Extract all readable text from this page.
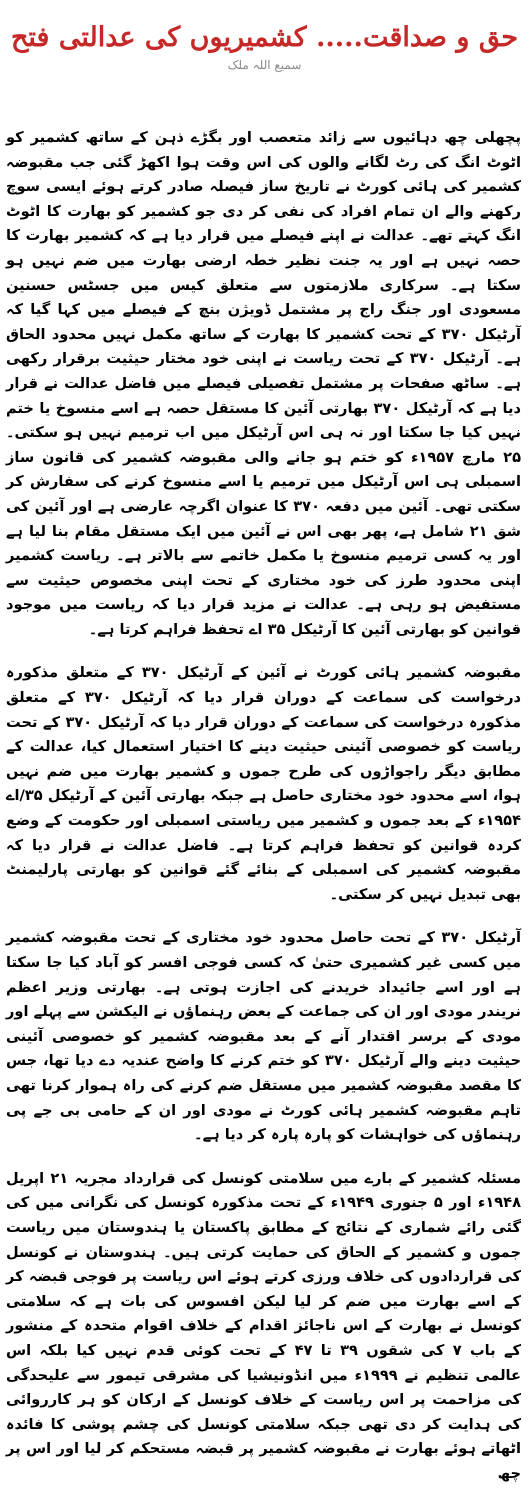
حق و صداقت..... کشمیریوں کی عدالتی فتح
سمیع اللہ ملک

پچھلی چھ دہائیوں سے زائد متعصب اور بگڑے ذہن کے ساتھ کشمیر کو اٹوٹ انگ کی رٹ لگانے والوں کی اس وقت ہوا اکھڑ گئی جب مقبوضہ کشمیر کی ہائی کورٹ نے تاریخ ساز فیصلہ صادر کرتے ہوئے ایسی سوچ رکھنے والے ان تمام افراد کی نفی کر دی جو کشمیر کو بھارت کا اٹوٹ انگ کہتے تھے۔ عدالت نے اپنے فیصلے میں قرار دیا ہے کہ کشمیر بھارت کا حصہ نہیں ہے اور یہ جنت نظیر خطہ ارضی بھارت میں ضم نہیں ہو سکتا ہے۔ سرکاری ملازمتوں سے متعلق کیس میں جسٹس حسنین مسعودی اور جنگ راج پر مشتمل ڈویژن بنچ کے فیصلے میں کہا گیا کہ آرٹیکل ۳۷۰ کے تحت کشمیر کا بھارت کے ساتھ مکمل نہیں محدود الحاق ہے۔ آرٹیکل ۳۷۰ کے تحت ریاست نے اپنی خود مختار حیثیت برقرار رکھی ہے۔ ساٹھ صفحات پر مشتمل تفصیلی فیصلے میں فاضل عدالت نے قرار دیا ہے کہ آرٹیکل ۳۷۰ بھارتی آئین کا مستقل حصہ ہے اسے منسوخ یا ختم نہیں کیا جا سکتا اور نہ ہی اس آرٹیکل میں اب ترمیم نہیں ہو سکتی۔ ۲۵ مارچ ۱۹۵۷ء کو ختم ہو جانے والی مقبوضہ کشمیر کی قانون ساز اسمبلی ہی اس آرٹیکل میں ترمیم یا اسے منسوخ کرنے کی سفارش کر سکتی تھی۔ آئین میں دفعہ ۳۷۰ کا عنوان اگرچہ عارضی ہے اور آئین کی شق ۲۱ شامل ہے، پھر بھی اس نے آئین میں ایک مستقل مقام بنا لیا ہے اور یہ کسی ترمیم منسوخ یا مکمل خاتمے سے بالاتر ہے۔ ریاست کشمیر اپنی محدود طرز کی خود مختاری کے تحت اپنی مخصوص حیثیت سے مستفیض ہو رہی ہے۔ عدالت نے مزید قرار دیا کہ ریاست میں موجود قوانین کو بھارتی آئین کا آرٹیکل ۳۵ اے تحفظ فراہم کرتا ہے۔

مقبوضہ کشمیر ہائی کورٹ نے آئین کے آرٹیکل ۳۷۰ کے متعلق مذکورہ درخواست کی سماعت کے دوران قرار دیا کہ آرٹیکل ۳۷۰ کے متعلق مذکورہ درخواست کی سماعت کے دوران قرار دیا کہ آرٹیکل ۳۷۰ کے تحت ریاست کو خصوصی آئینی حیثیت دینے کا اختیار استعمال کیا، عدالت کے مطابق دیگر راجواڑوں کی طرح جموں و کشمیر بھارت میں ضم نہیں ہوا، اسے محدود خود مختاری حاصل ہے جبکہ بھارتی آئین کے آرٹیکل ۳۵/اے ۱۹۵۴ء کے بعد جموں و کشمیر میں ریاستی اسمبلی اور حکومت کے وضع کردہ قوانین کو تحفظ فراہم کرتا ہے۔ فاضل عدالت نے قرار دیا کہ مقبوضہ کشمیر کی اسمبلی کے بنائے گئے قوانین کو بھارتی پارلیمنٹ بھی تبدیل نہیں کر سکتی۔

آرٹیکل ۳۷۰ کے تحت حاصل محدود خود مختاری کے تحت مقبوضہ کشمیر میں کسی غیر کشمیری حتیٰ کہ کسی فوجی افسر کو آباد کیا جا سکتا ہے اور اسے جائیداد خریدنے کی اجازت ہوتی ہے۔ بھارتی وزیر اعظم نریندر مودی اور ان کی جماعت کے بعض رہنماؤں نے الیکشن سے پہلے اور مودی کے برسر اقتدار آنے کے بعد مقبوضہ کشمیر کو خصوصی آئینی حیثیت دینے والے آرٹیکل ۳۷۰ کو ختم کرنے کا واضح عندیہ دے دیا تھا، جس کا مقصد مقبوضہ کشمیر میں مستقل ضم کرنے کی راہ ہموار کرنا تھی تاہم مقبوضہ کشمیر ہائی کورٹ نے مودی اور ان کے حامی بی جے پی رہنماؤں کی خواہشات کو پارہ پارہ کر دیا ہے۔

مسئلہ کشمیر کے بارے میں سلامتی کونسل کی قرارداد مجریہ ۲۱ اپریل ۱۹۴۸ء اور ۵ جنوری ۱۹۴۹ء کے تحت مذکورہ کونسل کی نگرانی میں کی گئی رائے شماری کے نتائج کے مطابق پاکستان یا ہندوستان میں ریاست جموں و کشمیر کے الحاق کی حمایت کرتی ہیں۔ ہندوستان نے کونسل کی قراردادوں کی خلاف ورزی کرتے ہوئے اس ریاست پر فوجی قبضہ کر کے اسے بھارت میں ضم کر لیا لیکن افسوس کی بات ہے کہ سلامتی کونسل نے بھارت کے اس ناجائز اقدام کے خلاف اقوام متحدہ کے منشور کے باب ۷ کی شقوں ۳۹ تا ۴۷ کے تحت کوئی قدم نہیں کیا بلکہ اس عالمی تنظیم نے ۱۹۹۹ء میں انڈونیشیا کی مشرقی تیمور سے علیحدگی کی مزاحمت پر اس ریاست کے خلاف کونسل کے ارکان کو ہر کارروائی کی ہدایت کر دی تھی جبکہ سلامتی کونسل کی چشم پوشی کا فائدہ اٹھاتے ہوئے بھارت نے مقبوضہ کشمیر پر قبضہ مستحکم کر لیا اور اس پر چھ
